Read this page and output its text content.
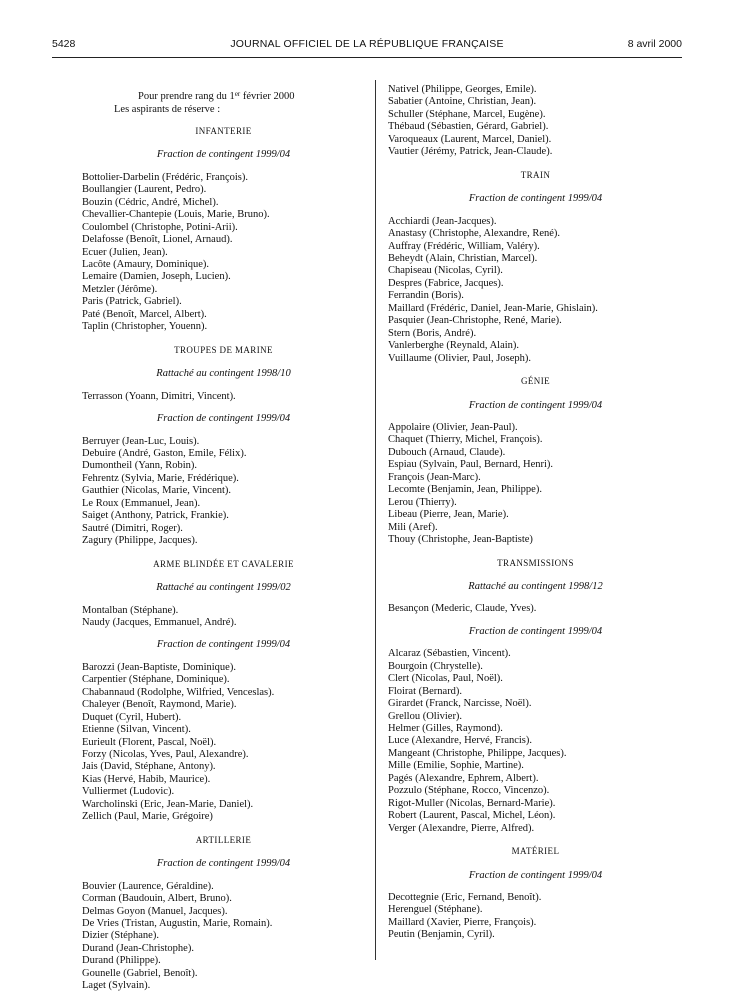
5428	JOURNAL OFFICIEL DE LA RÉPUBLIQUE FRANÇAISE	8 avril 2000
Pour prendre rang du 1er février 2000
Les aspirants de réserve :
INFANTERIE
Fraction de contingent 1999/04
Bottolier-Darbelin (Frédéric, François).
Boullangier (Laurent, Pedro).
Bouzin (Cédric, André, Michel).
Chevallier-Chantepie (Louis, Marie, Bruno).
Coulombel (Christophe, Potini-Arii).
Delafosse (Benoît, Lionel, Arnaud).
Ecuer (Julien, Jean).
Lacôte (Amaury, Dominique).
Lemaire (Damien, Joseph, Lucien).
Metzler (Jérôme).
Paris (Patrick, Gabriel).
Paté (Benoît, Marcel, Albert).
Taplin (Christopher, Youenn).
TROUPES DE MARINE
Rattaché au contingent 1998/10
Terrasson (Yoann, Dimitri, Vincent).
Fraction de contingent 1999/04
Berruyer (Jean-Luc, Louis).
Debuire (André, Gaston, Emile, Félix).
Dumontheil (Yann, Robin).
Fehrentz (Sylvia, Marie, Frédérique).
Gauthier (Nicolas, Marie, Vincent).
Le Roux (Emmanuel, Jean).
Saiget (Anthony, Patrick, Frankie).
Sautré (Dimitri, Roger).
Zagury (Philippe, Jacques).
ARME BLINDÉE ET CAVALERIE
Rattaché au contingent 1999/02
Montalban (Stéphane).
Naudy (Jacques, Emmanuel, André).
Fraction de contingent 1999/04
Barozzi (Jean-Baptiste, Dominique).
Carpentier (Stéphane, Dominique).
Chabannaud (Rodolphe, Wilfried, Venceslas).
Chaleyer (Benoît, Raymond, Marie).
Duquet (Cyril, Hubert).
Etienne (Silvan, Vincent).
Eurieult (Florent, Pascal, Noël).
Forzy (Nicolas, Yves, Paul, Alexandre).
Jais (David, Stéphane, Antony).
Kias (Hervé, Habib, Maurice).
Vulliermet (Ludovic).
Warcholinski (Eric, Jean-Marie, Daniel).
Zellich (Paul, Marie, Grégoire)
ARTILLERIE
Fraction de contingent 1999/04
Bouvier (Laurence, Géraldine).
Corman (Baudouin, Albert, Bruno).
Delmas Goyon (Manuel, Jacques).
De Vries (Tristan, Augustin, Marie, Romain).
Dizier (Stéphane).
Durand (Jean-Christophe).
Durand (Philippe).
Gounelle (Gabriel, Benoît).
Laget (Sylvain).
Nativel (Philippe, Georges, Emile).
Sabatier (Antoine, Christian, Jean).
Schuller (Stéphane, Marcel, Eugène).
Thébaud (Sébastien, Gérard, Gabriel).
Varoqueaux (Laurent, Marcel, Daniel).
Vautier (Jérémy, Patrick, Jean-Claude).
TRAIN
Fraction de contingent 1999/04
Acchiardi (Jean-Jacques).
Anastasy (Christophe, Alexandre, René).
Auffray (Frédéric, William, Valéry).
Beheydt (Alain, Christian, Marcel).
Chapiseau (Nicolas, Cyril).
Despres (Fabrice, Jacques).
Ferrandin (Boris).
Maillard (Frédéric, Daniel, Jean-Marie, Ghislain).
Pasquier (Jean-Christophe, René, Marie).
Stern (Boris, André).
Vanlerberghe (Reynald, Alain).
Vuillaume (Olivier, Paul, Joseph).
GÉNIE
Fraction de contingent 1999/04
Appolaire (Olivier, Jean-Paul).
Chaquet (Thierry, Michel, François).
Dubouch (Arnaud, Claude).
Espiau (Sylvain, Paul, Bernard, Henri).
François (Jean-Marc).
Lecomte (Benjamin, Jean, Philippe).
Lerou (Thierry).
Libeau (Pierre, Jean, Marie).
Mili (Aref).
Thouy (Christophe, Jean-Baptiste)
TRANSMISSIONS
Rattaché au contingent 1998/12
Besançon (Mederic, Claude, Yves).
Fraction de contingent 1999/04
Alcaraz (Sébastien, Vincent).
Bourgoin (Chrystelle).
Clert (Nicolas, Paul, Noël).
Floirat (Bernard).
Girardet (Franck, Narcisse, Noël).
Grellou (Olivier).
Helmer (Gilles, Raymond).
Luce (Alexandre, Hervé, Francis).
Mangeant (Christophe, Philippe, Jacques).
Mille (Emilie, Sophie, Martine).
Pagés (Alexandre, Ephrem, Albert).
Pozzulo (Stéphane, Rocco, Vincenzo).
Rigot-Muller (Nicolas, Bernard-Marie).
Robert (Laurent, Pascal, Michel, Léon).
Verger (Alexandre, Pierre, Alfred).
MATÉRIEL
Fraction de contingent 1999/04
Decottegnie (Eric, Fernand, Benoît).
Herenguel (Stéphane).
Maillard (Xavier, Pierre, François).
Peutin (Benjamin, Cyril).
